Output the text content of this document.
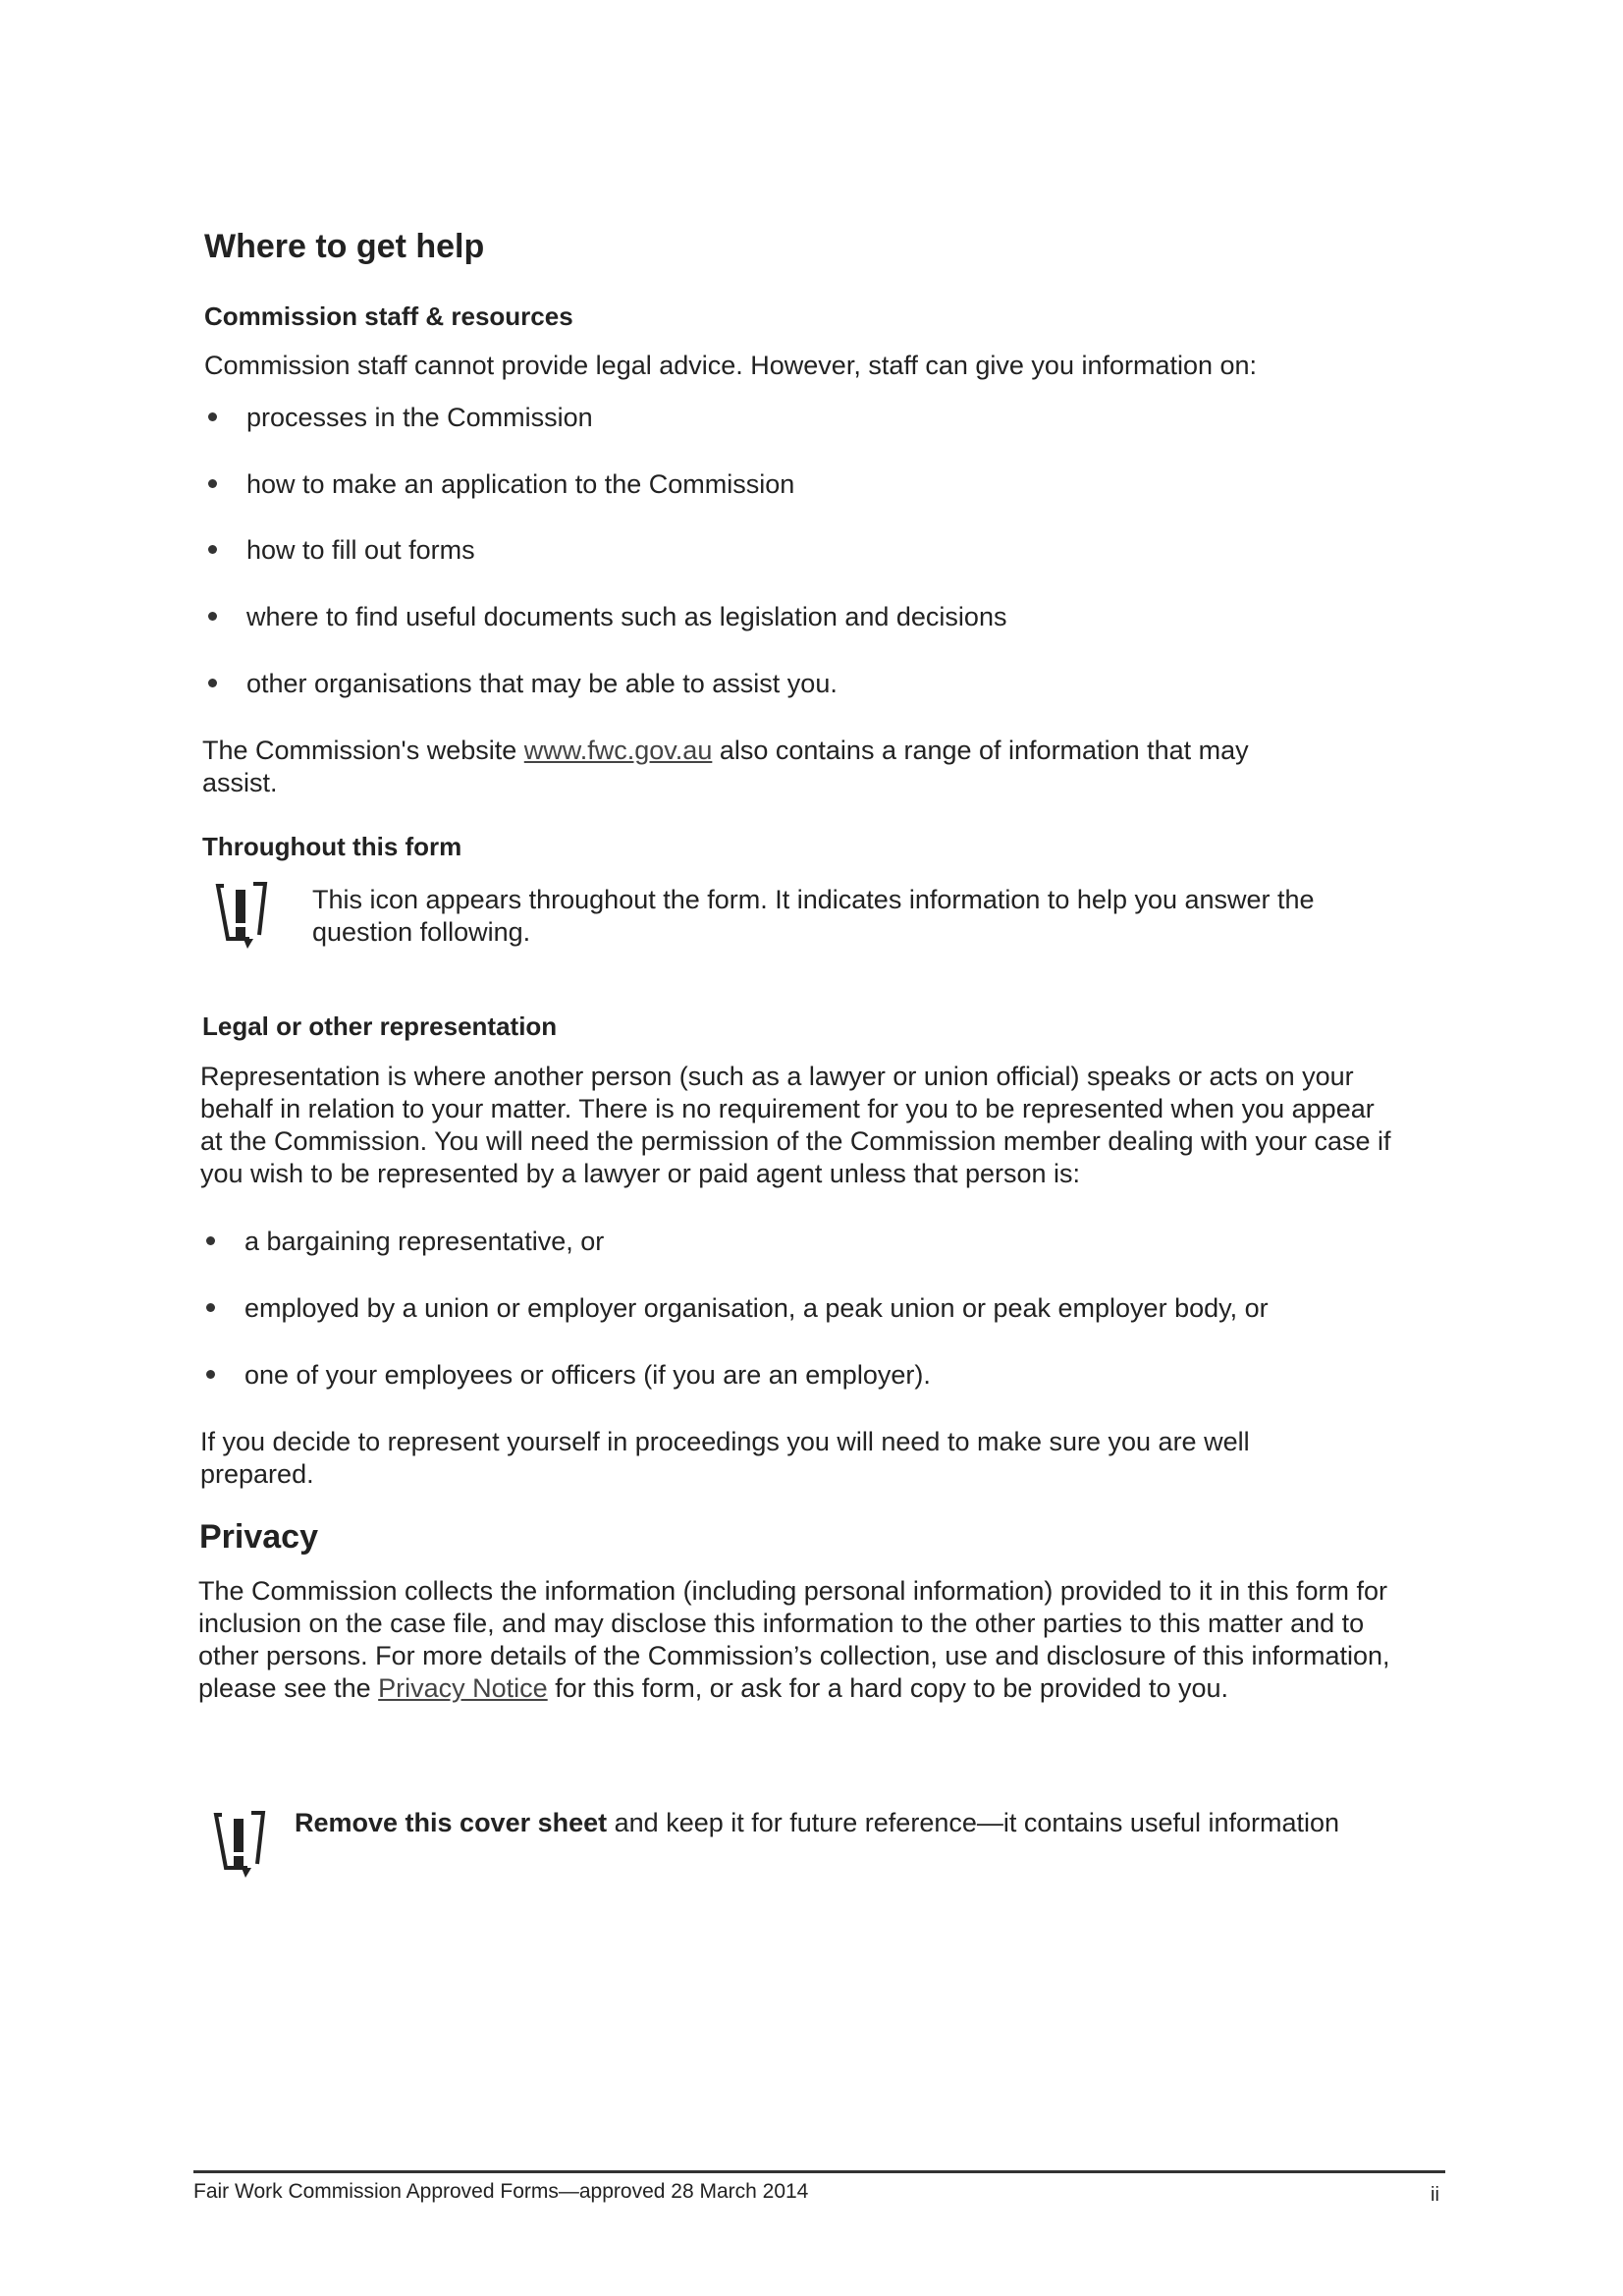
Where to get help
Commission staff & resources
Commission staff cannot provide legal advice. However, staff can give you information on:
processes in the Commission
how to make an application to the Commission
how to fill out forms
where to find useful documents such as legislation and decisions
other organisations that may be able to assist you.
The Commission's website www.fwc.gov.au also contains a range of information that may
assist.
Throughout this form
This icon appears throughout the form. It indicates information to help you answer the
question following.
Legal or other representation
Representation is where another person (such as a lawyer or union official) speaks or acts on your
behalf in relation to your matter. There is no requirement for you to be represented when you appear
at the Commission. You will need the permission of the Commission member dealing with your case if
you wish to be represented by a lawyer or paid agent unless that person is:
a bargaining representative, or
employed by a union or employer organisation, a peak union or peak employer body, or
one of your employees or officers (if you are an employer).
If you decide to represent yourself in proceedings you will need to make sure you are well
prepared.
Privacy
The Commission collects the information (including personal information) provided to it in this form for
inclusion on the case file, and may disclose this information to the other parties to this matter and to
other persons. For more details of the Commission’s collection, use and disclosure of this information,
please see the Privacy Notice for this form, or ask for a hard copy to be provided to you.
Remove this cover sheet and keep it for future reference—it contains useful information
Fair Work Commission Approved Forms—approved 28 March 2014	ii
